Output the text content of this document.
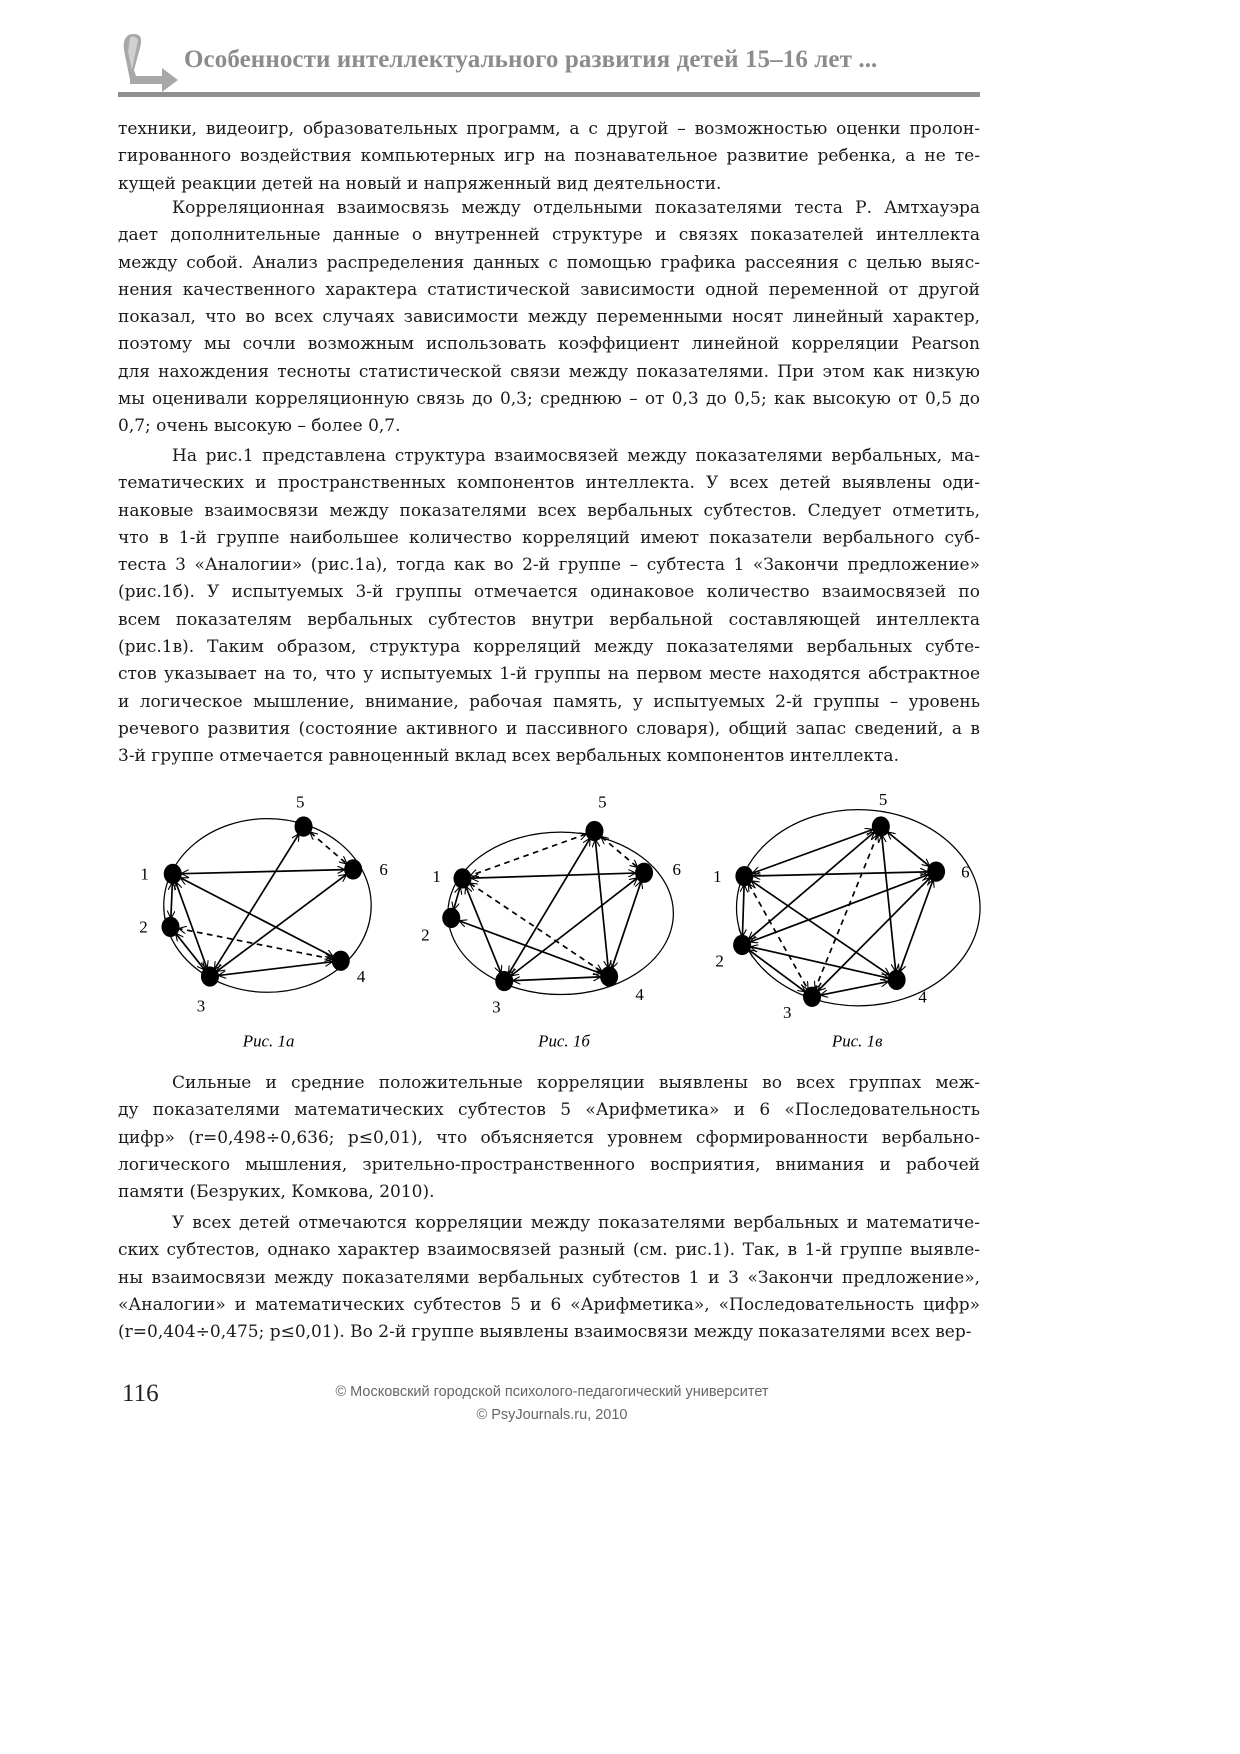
Особенности интеллектуального развития детей 15–16 лет ...
техники, видеоигр, образовательных программ, а с другой – возможностью оценки пролон-
гированного воздействия компьютерных игр на познавательное развитие ребенка, а не те-
кущей реакции детей на новый и напряженный вид деятельности.
Корреляционная взаимосвязь между отдельными показателями теста Р. Амтхауэра
дает дополнительные данные о внутренней структуре и связях показателей интеллекта
между собой. Анализ распределения данных с помощью графика рассеяния с целью выяс-
нения качественного характера статистической зависимости одной переменной от другой
показал, что во всех случаях зависимости между переменными носят линейный характер,
поэтому мы сочли возможным использовать коэффициент линейной корреляции Pearson
для нахождения тесноты статистической связи между показателями. При этом как низкую
мы оценивали корреляционную связь до 0,3; среднюю – от 0,3 до 0,5; как высокую от 0,5 до
0,7; очень высокую – более 0,7.
На рис.1 представлена структура взаимосвязей между показателями вербальных, ма-
тематических и пространственных компонентов интеллекта. У всех детей выявлены оди-
наковые взаимосвязи между показателями всех вербальных субтестов. Следует отметить,
что в 1-й группе наибольшее количество корреляций имеют показатели вербального суб-
теста 3 «Аналогии» (рис.1а), тогда как во 2-й группе – субтеста 1 «Закончи предложение»
(рис.1б). У испытуемых 3-й группы отмечается одинаковое количество взаимосвязей по
всем показателям вербальных субтестов внутри вербальной составляющей интеллекта
(рис.1в). Таким образом, структура корреляций между показателями вербальных субте-
стов указывает на то, что у испытуемых 1-й группы на первом месте находятся абстрактное
и логическое мышление, внимание, рабочая память, у испытуемых 2-й группы – уровень
речевого развития (состояние активного и пассивного словаря), общий запас сведений, а в
3-й группе отмечается равноценный вклад всех вербальных компонентов интеллекта.
Сильные и средние положительные корреляции выявлены во всех группах меж-
ду показателями математических субтестов 5 «Арифметика» и 6 «Последовательность
цифр» (r=0,498÷0,636; p≤0,01), что объясняется уровнем сформированности вербально-
логического мышления, зрительно-пространственного восприятия, внимания и рабочей
памяти (Безруких, Комкова, 2010).
У всех детей отмечаются корреляции между показателями вербальных и математиче-
ских субтестов, однако характер взаимосвязей разный (см. рис.1). Так, в 1-й группе выявле-
ны взаимосвязи между показателями вербальных субтестов 1 и 3 «Закончи предложение»,
«Аналогии» и математических субтестов 5 и 6 «Арифметика», «Последовательность цифр»
(r=0,404÷0,475; p≤0,01). Во 2-й группе выявлены взаимосвязи между показателями всех вер-
1
2
3
4
5
6
Рис. 1а
1
2
3
4
5
6
Рис. 1б
1
2
3
4
5
6
Рис. 1в
116	© Московский городской психолого-педагогический университет
© PsyJournals.ru, 2010
